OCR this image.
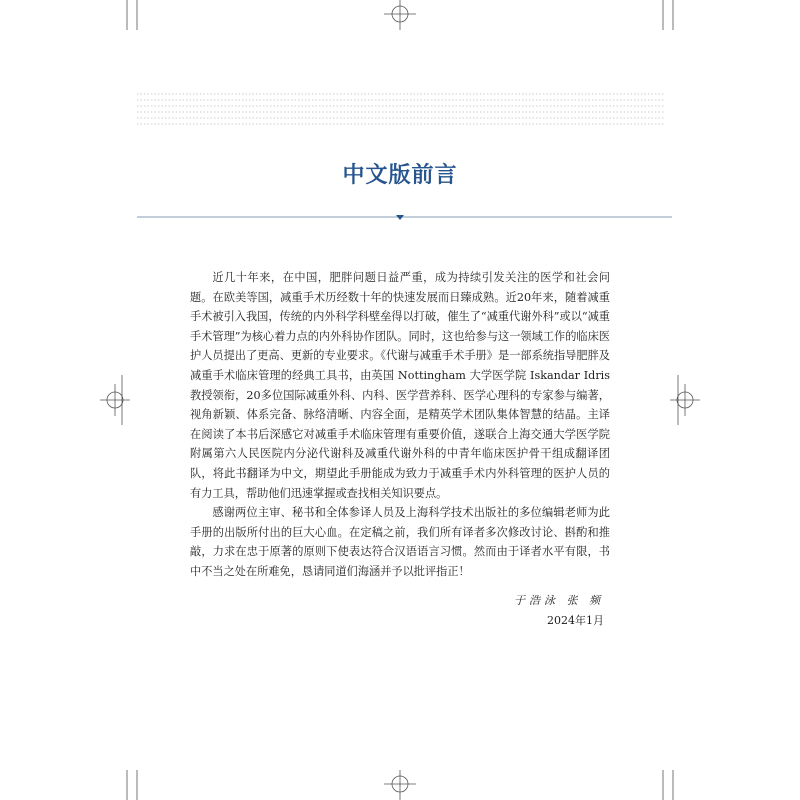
中文版前言

近几十年来，在中国，肥胖问题日益严重，成为持续引发关注的医学和社会问题。在欧美等国，减重手术历经数十年的快速发展而日臻成熟。近20年来，随着减重手术被引入我国，传统的内外科学科壁垒得以打破，催生了“减重代谢外科”或以“减重手术管理”为核心着力点的内外科协作团队。同时，这也给参与这一领域工作的临床医护人员提出了更高、更新的专业要求。《代谢与减重手术手册》是一部系统指导肥胖及减重手术临床管理的经典工具书，由英国 Nottingham 大学医学院 Iskandar Idris 教授领衔，20多位国际减重外科、内科、医学营养科、医学心理科的专家参与编著，视角新颖、体系完备、脉络清晰、内容全面，是精英学术团队集体智慧的结晶。主译在阅读了本书后深感它对减重手术临床管理有重要价值，遂联合上海交通大学医学院附属第六人民医院内分泌代谢科及减重代谢外科的中青年临床医护骨干组成翻译团队，将此书翻译为中文，期望此手册能成为致力于减重手术内外科管理的医护人员的有力工具，帮助他们迅速掌握或查找相关知识要点。

感谢两位主审、秘书和全体参译人员及上海科学技术出版社的多位编辑老师为此手册的出版所付出的巨大心血。在定稿之前，我们所有译者多次修改讨论、斟酌和推敲，力求在忠于原著的原则下使表达符合汉语语言习惯。然而由于译者水平有限，书中不当之处在所难免，恳请同道们海涵并予以批评指正！

于浩泳 张 频
2024年1月
